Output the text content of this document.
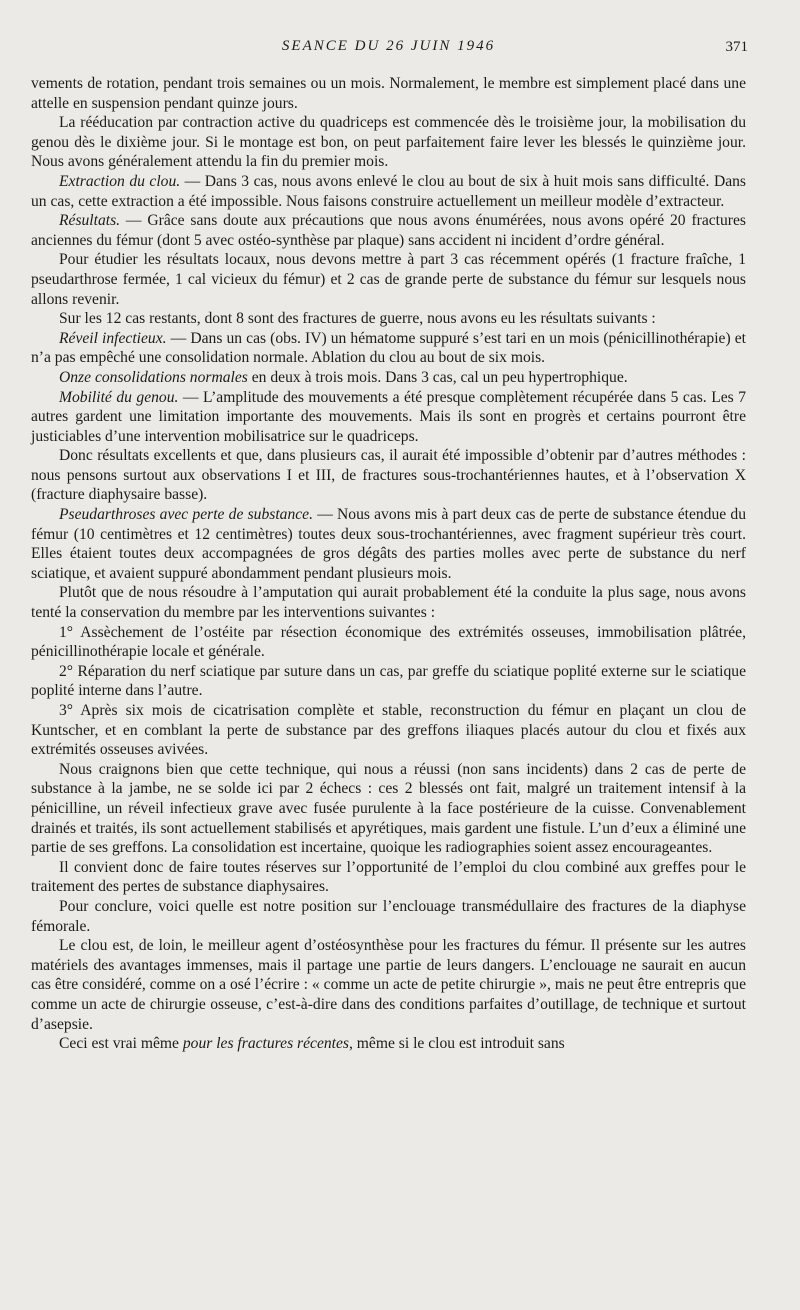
SEANCE DU 26 JUIN 1946	371

vements de rotation, pendant trois semaines ou un mois. Normalement, le membre est simplement placé dans une attelle en suspension pendant quinze jours.

La rééducation par contraction active du quadriceps est commencée dès le troisième jour, la mobilisation du genou dès le dixième jour. Si le montage est bon, on peut parfaitement faire lever les blessés le quinzième jour. Nous avons généralement attendu la fin du premier mois.

Extraction du clou. — Dans 3 cas, nous avons enlevé le clou au bout de six à huit mois sans difficulté. Dans un cas, cette extraction a été impossible. Nous faisons construire actuellement un meilleur modèle d’extracteur.

Résultats. — Grâce sans doute aux précautions que nous avons énumérées, nous avons opéré 20 fractures anciennes du fémur (dont 5 avec ostéo-synthèse par plaque) sans accident ni incident d’ordre général.

Pour étudier les résultats locaux, nous devons mettre à part 3 cas récemment opérés (1 fracture fraîche, 1 pseudarthrose fermée, 1 cal vicieux du fémur) et 2 cas de grande perte de substance du fémur sur lesquels nous allons revenir.

Sur les 12 cas restants, dont 8 sont des fractures de guerre, nous avons eu les résultats suivants :

Réveil infectieux. — Dans un cas (obs. IV) un hématome suppuré s’est tari en un mois (pénicillinothérapie) et n’a pas empêché une consolidation normale. Ablation du clou au bout de six mois.

Onze consolidations normales en deux à trois mois. Dans 3 cas, cal un peu hypertrophique.

Mobilité du genou. — L’amplitude des mouvements a été presque complètement récupérée dans 5 cas. Les 7 autres gardent une limitation importante des mouvements. Mais ils sont en progrès et certains pourront être justiciables d’une intervention mobilisatrice sur le quadriceps.

Donc résultats excellents et que, dans plusieurs cas, il aurait été impossible d’obtenir par d’autres méthodes : nous pensons surtout aux observations I et III, de fractures sous-trochantériennes hautes, et à l’observation X (fracture diaphysaire basse).

Pseudarthroses avec perte de substance. — Nous avons mis à part deux cas de perte de substance étendue du fémur (10 centimètres et 12 centimètres) toutes deux sous-trochantériennes, avec fragment supérieur très court. Elles étaient toutes deux accompagnées de gros dégâts des parties molles avec perte de substance du nerf sciatique, et avaient suppuré abondamment pendant plusieurs mois.

Plutôt que de nous résoudre à l’amputation qui aurait probablement été la conduite la plus sage, nous avons tenté la conservation du membre par les interventions suivantes :

1° Assèchement de l’ostéite par résection économique des extrémités osseuses, immobilisation plâtrée, pénicillinothérapie locale et générale.

2° Réparation du nerf sciatique par suture dans un cas, par greffe du sciatique poplité externe sur le sciatique poplité interne dans l’autre.

3° Après six mois de cicatrisation complète et stable, reconstruction du fémur en plaçant un clou de Kuntscher, et en comblant la perte de substance par des greffons iliaques placés autour du clou et fixés aux extrémités osseuses avivées.

Nous craignons bien que cette technique, qui nous a réussi (non sans incidents) dans 2 cas de perte de substance à la jambe, ne se solde ici par 2 échecs : ces 2 blessés ont fait, malgré un traitement intensif à la pénicilline, un réveil infectieux grave avec fusée purulente à la face postérieure de la cuisse. Convenablement drainés et traités, ils sont actuellement stabilisés et apyrétiques, mais gardent une fistule. L’un d’eux a éliminé une partie de ses greffons. La consolidation est incertaine, quoique les radiographies soient assez encourageantes.

Il convient donc de faire toutes réserves sur l’opportunité de l’emploi du clou combiné aux greffes pour le traitement des pertes de substance diaphysaires.

Pour conclure, voici quelle est notre position sur l’enclouage transmédullaire des fractures de la diaphyse fémorale.

Le clou est, de loin, le meilleur agent d’ostéosynthèse pour les fractures du fémur. Il présente sur les autres matériels des avantages immenses, mais il partage une partie de leurs dangers. L’enclouage ne saurait en aucun cas être considéré, comme on a osé l’écrire : « comme un acte de petite chirurgie », mais ne peut être entrepris que comme un acte de chirurgie osseuse, c’est-à-dire dans des conditions parfaites d’outillage, de technique et surtout d’asepsie.

Ceci est vrai même pour les fractures récentes, même si le clou est introduit sans
